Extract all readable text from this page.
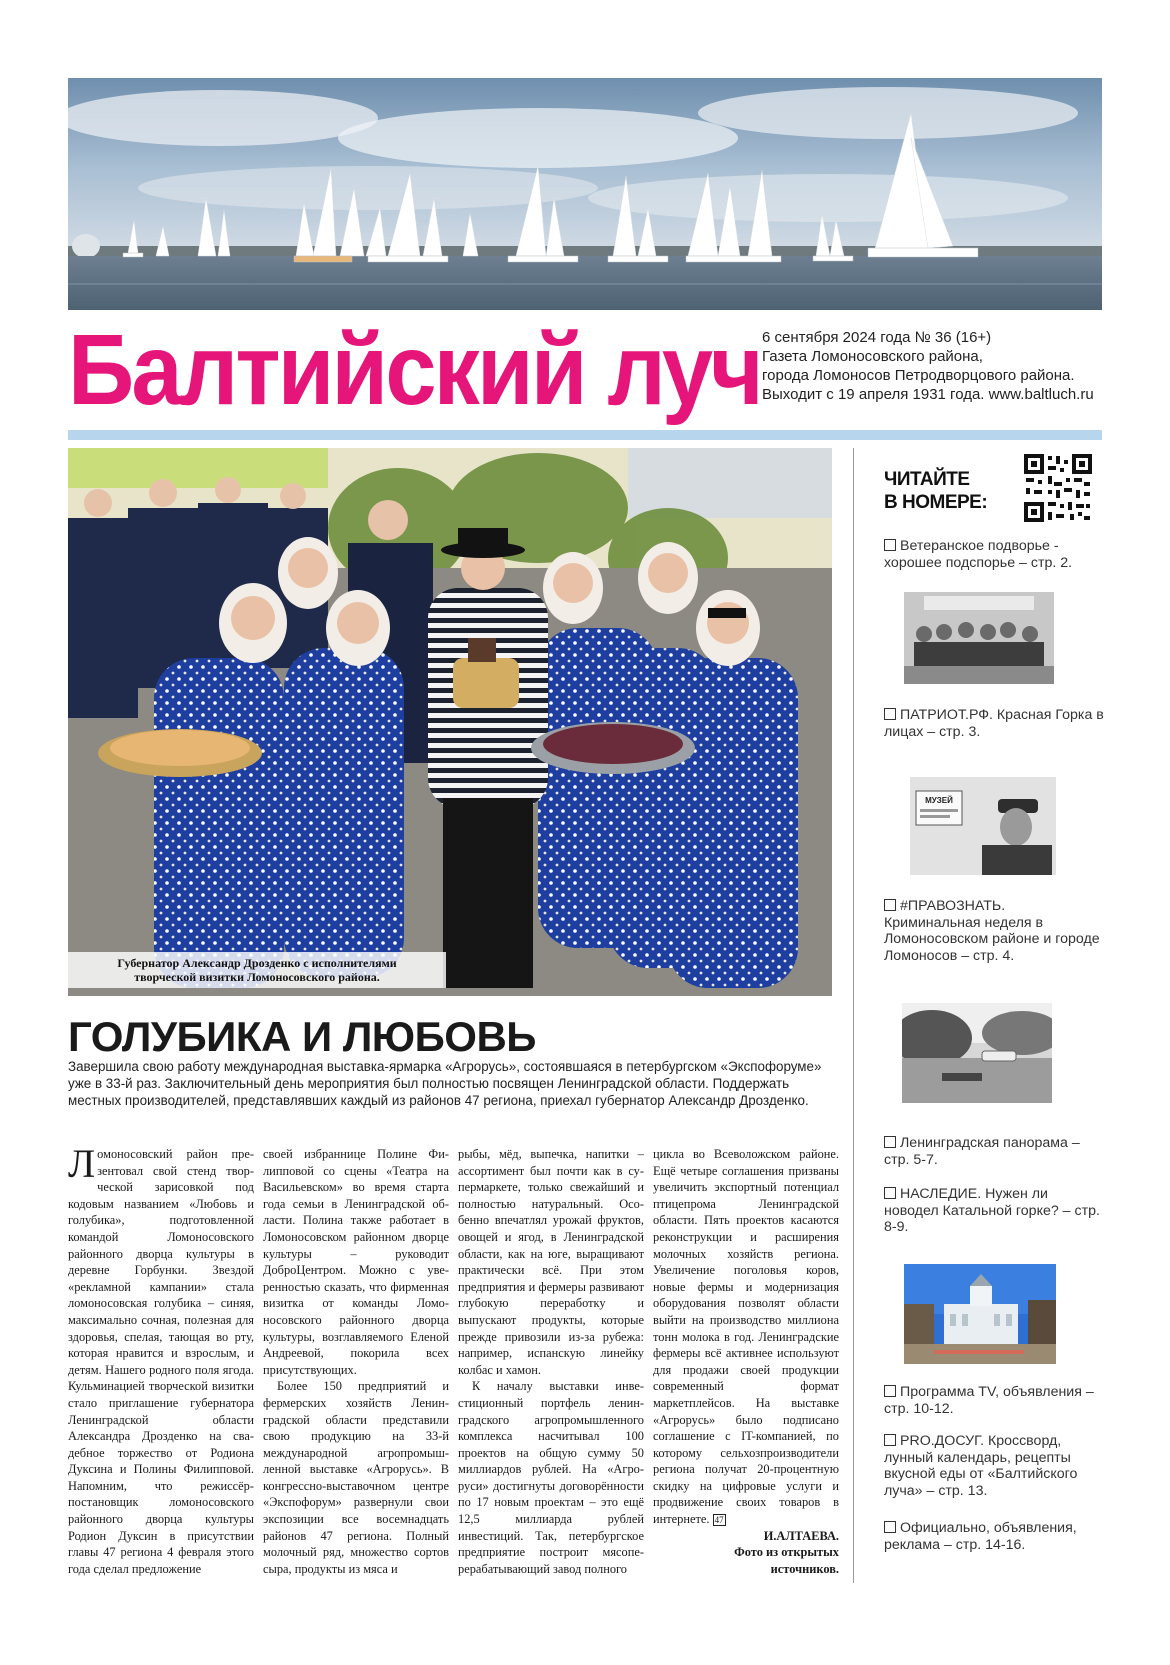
Балтийский луч 6 сентября 2024 года № 36 (16+)
Газета Ломоносовского района,
города Ломоносов Петродворцового района.
Выходит с 19 апреля 1931 года. www.baltluch.ru
Губернатор Александр Дрозденко с исполнителями
творческой визитки Ломоносовского района.
ГОЛУБИКА И ЛЮБОВЬ
Завершила свою работу международная выставка-ярмарка «Агрорусь», состоявшаяся в петербургском «Экспофоруме» уже в 33-й раз. Заключительный день мероприятия был полностью посвящен Ленинградской области. Поддержать местных производителей, представлявших каждый из районов 47 региона, приехал губернатор Александр Дрозденко.

Ломоносовский район презентовал свой стенд творческой зарисовкой под кодовым названием «Любовь и голубика», подготовленной командой Ломоносовского районного дворца культуры в деревне Горбунки. Звездой «рекламной кампании» стала ломоносовская голубика – синяя, максимально сочная, полезная для здоровья, спелая, тающая во рту, которая нравится и взрослым, и детям. Нашего родного поля ягода. Кульминацией творческой визитки стало приглашение губернатора Ленинградской области Александра Дрозденко на свадебное торжество от Родиона Дуксина и Полины Филипповой. Напомним, что режиссёр-постановщик ломоносовского районного дворца культуры Родион Дуксин в присутствии главы 47 региона 4 февраля этого года сделал предложение

своей избраннице Полине Филипповой со сцены «Театра на Васильевском» во время старта года семьи в Ленинградской области. Полина также работает в Ломоносовском районном дворце культуры – руководит ДоброЦентром. Можно с уверенностью сказать, что фирменная визитка от команды Ломоносовского районного дворца культуры, возглавляемого Еленой Андреевой, покорила всех присутствующих.

Более 150 предприятий и фермерских хозяйств Ленинградской области представили свою продукцию на 33-й международной агропромышленной выставке «Агрорусь». В конгрессно-выставочном центре «Экспофорум» развернули свои экспозиции все восемнадцать районов 47 региона. Полный молочный ряд, множество сортов сыра, продукты из мяса и

рыбы, мёд, выпечка, напитки – ассортимент был почти как в супермаркете, только свежайший и полностью натуральный. Особенно впечатлял урожай фруктов, овощей и ягод, в Ленинградской области, как на юге, выращивают практически всё. При этом предприятия и фермеры развивают глубокую переработку и выпускают продукты, которые прежде привозили из-за рубежа: например, испанскую линейку колбас и хамон.

К началу выставки инвестиционный портфель ленинградского агропромышленного комплекса насчитывал 100 проектов на общую сумму 50 миллиардов рублей. На «Агроруси» достигнуты договорённости по 17 новым проектам – это ещё 12,5 миллиарда рублей инвестиций. Так, петербургское предприятие построит мясоперерабатывающий завод полного

цикла во Всеволожском районе. Ещё четыре соглашения призваны увеличить экспортный потенциал птицепрома Ленинградской области. Пять проектов касаются реконструкции и расширения молочных хозяйств региона. Увеличение поголовья коров, новые фермы и модернизация оборудования позволят области выйти на производство миллиона тонн молока в год. Ленинградские фермеры всё активнее используют для продажи своей продукции современный формат маркетплейсов. На выставке «Агрорусь» было подписано соглашение с IT-компанией, по которому сельхозпроизводители региона получат 20-процентную скидку на цифровые услуги и продвижение своих товаров в интернете. 47

И.АЛТАЕВА.

Фото из открытых

источников.

ЧИТАЙТЕ
В НОМЕРЕ:
Ветеранское подворье - хорошее подспорье – стр. 2.
ПАТРИОТ.РФ. Красная Горка в лицах – стр. 3.
МУЗЕЙ
#ПРАВОЗНАТЬ. Криминальная неделя в Ломоносовском районе и городе Ломоносов – стр. 4.
Ленинградская панорама – стр. 5-7.
НАСЛЕДИЕ. Нужен ли новодел Катальной горке? – стр. 8-9.
Программа TV, объявления – стр. 10-12.
PRO.ДОСУГ. Кроссворд, лунный календарь, рецепты вкусной еды от «Балтийского луча» – стр. 13.
Официально, объявления, реклама – стр. 14-16.
